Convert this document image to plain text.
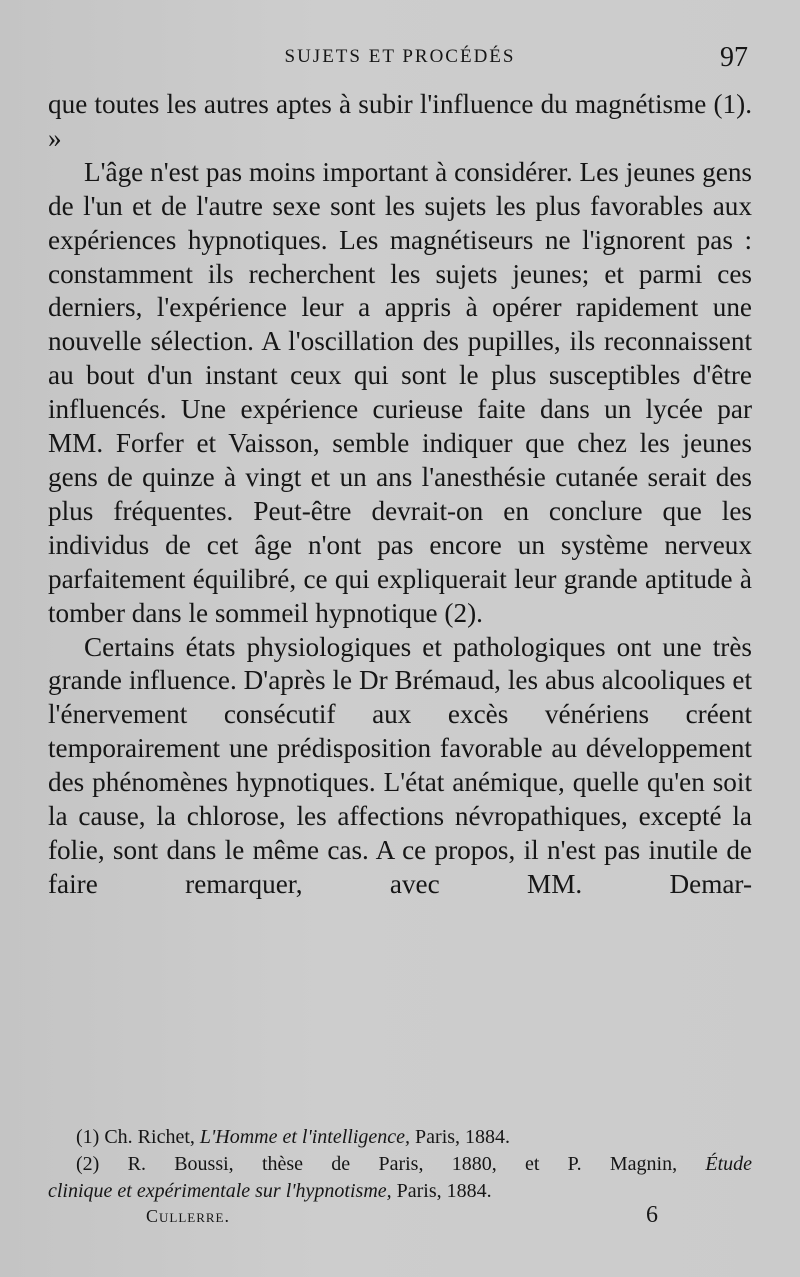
SUJETS ET PROCÉDÉS	97

que toutes les autres aptes à subir l'influence du magnétisme (1). »

L'âge n'est pas moins important à considérer. Les jeunes gens de l'un et de l'autre sexe sont les sujets les plus favorables aux expériences hypnotiques. Les magnétiseurs ne l'ignorent pas : constamment ils recherchent les sujets jeunes; et parmi ces derniers, l'expérience leur a appris à opérer rapidement une nouvelle sélection. A l'oscillation des pupilles, ils reconnaissent au bout d'un instant ceux qui sont le plus susceptibles d'être influencés. Une expérience curieuse faite dans un lycée par MM. Forfer et Vaisson, semble indiquer que chez les jeunes gens de quinze à vingt et un ans l'anesthésie cutanée serait des plus fréquentes. Peut-être devrait-on en conclure que les individus de cet âge n'ont pas encore un système nerveux parfaitement équilibré, ce qui expliquerait leur grande aptitude à tomber dans le sommeil hypnotique (2).

Certains états physiologiques et pathologiques ont une très grande influence. D'après le Dr Brémaud, les abus alcooliques et l'énervement consécutif aux excès vénériens créent temporairement une prédisposition favorable au développement des phénomènes hypnotiques. L'état anémique, quelle qu'en soit la cause, la chlorose, les affections névropathiques, excepté la folie, sont dans le même cas. A ce propos, il n'est pas inutile de faire remarquer, avec MM. Demar-

(1) Ch. Richet, L'Homme et l'intelligence, Paris, 1884.

(2) R. Boussi, thèse de Paris, 1880, et P. Magnin, Étude

clinique et expérimentale sur l'hypnotisme, Paris, 1884.

Cullerre.	6
